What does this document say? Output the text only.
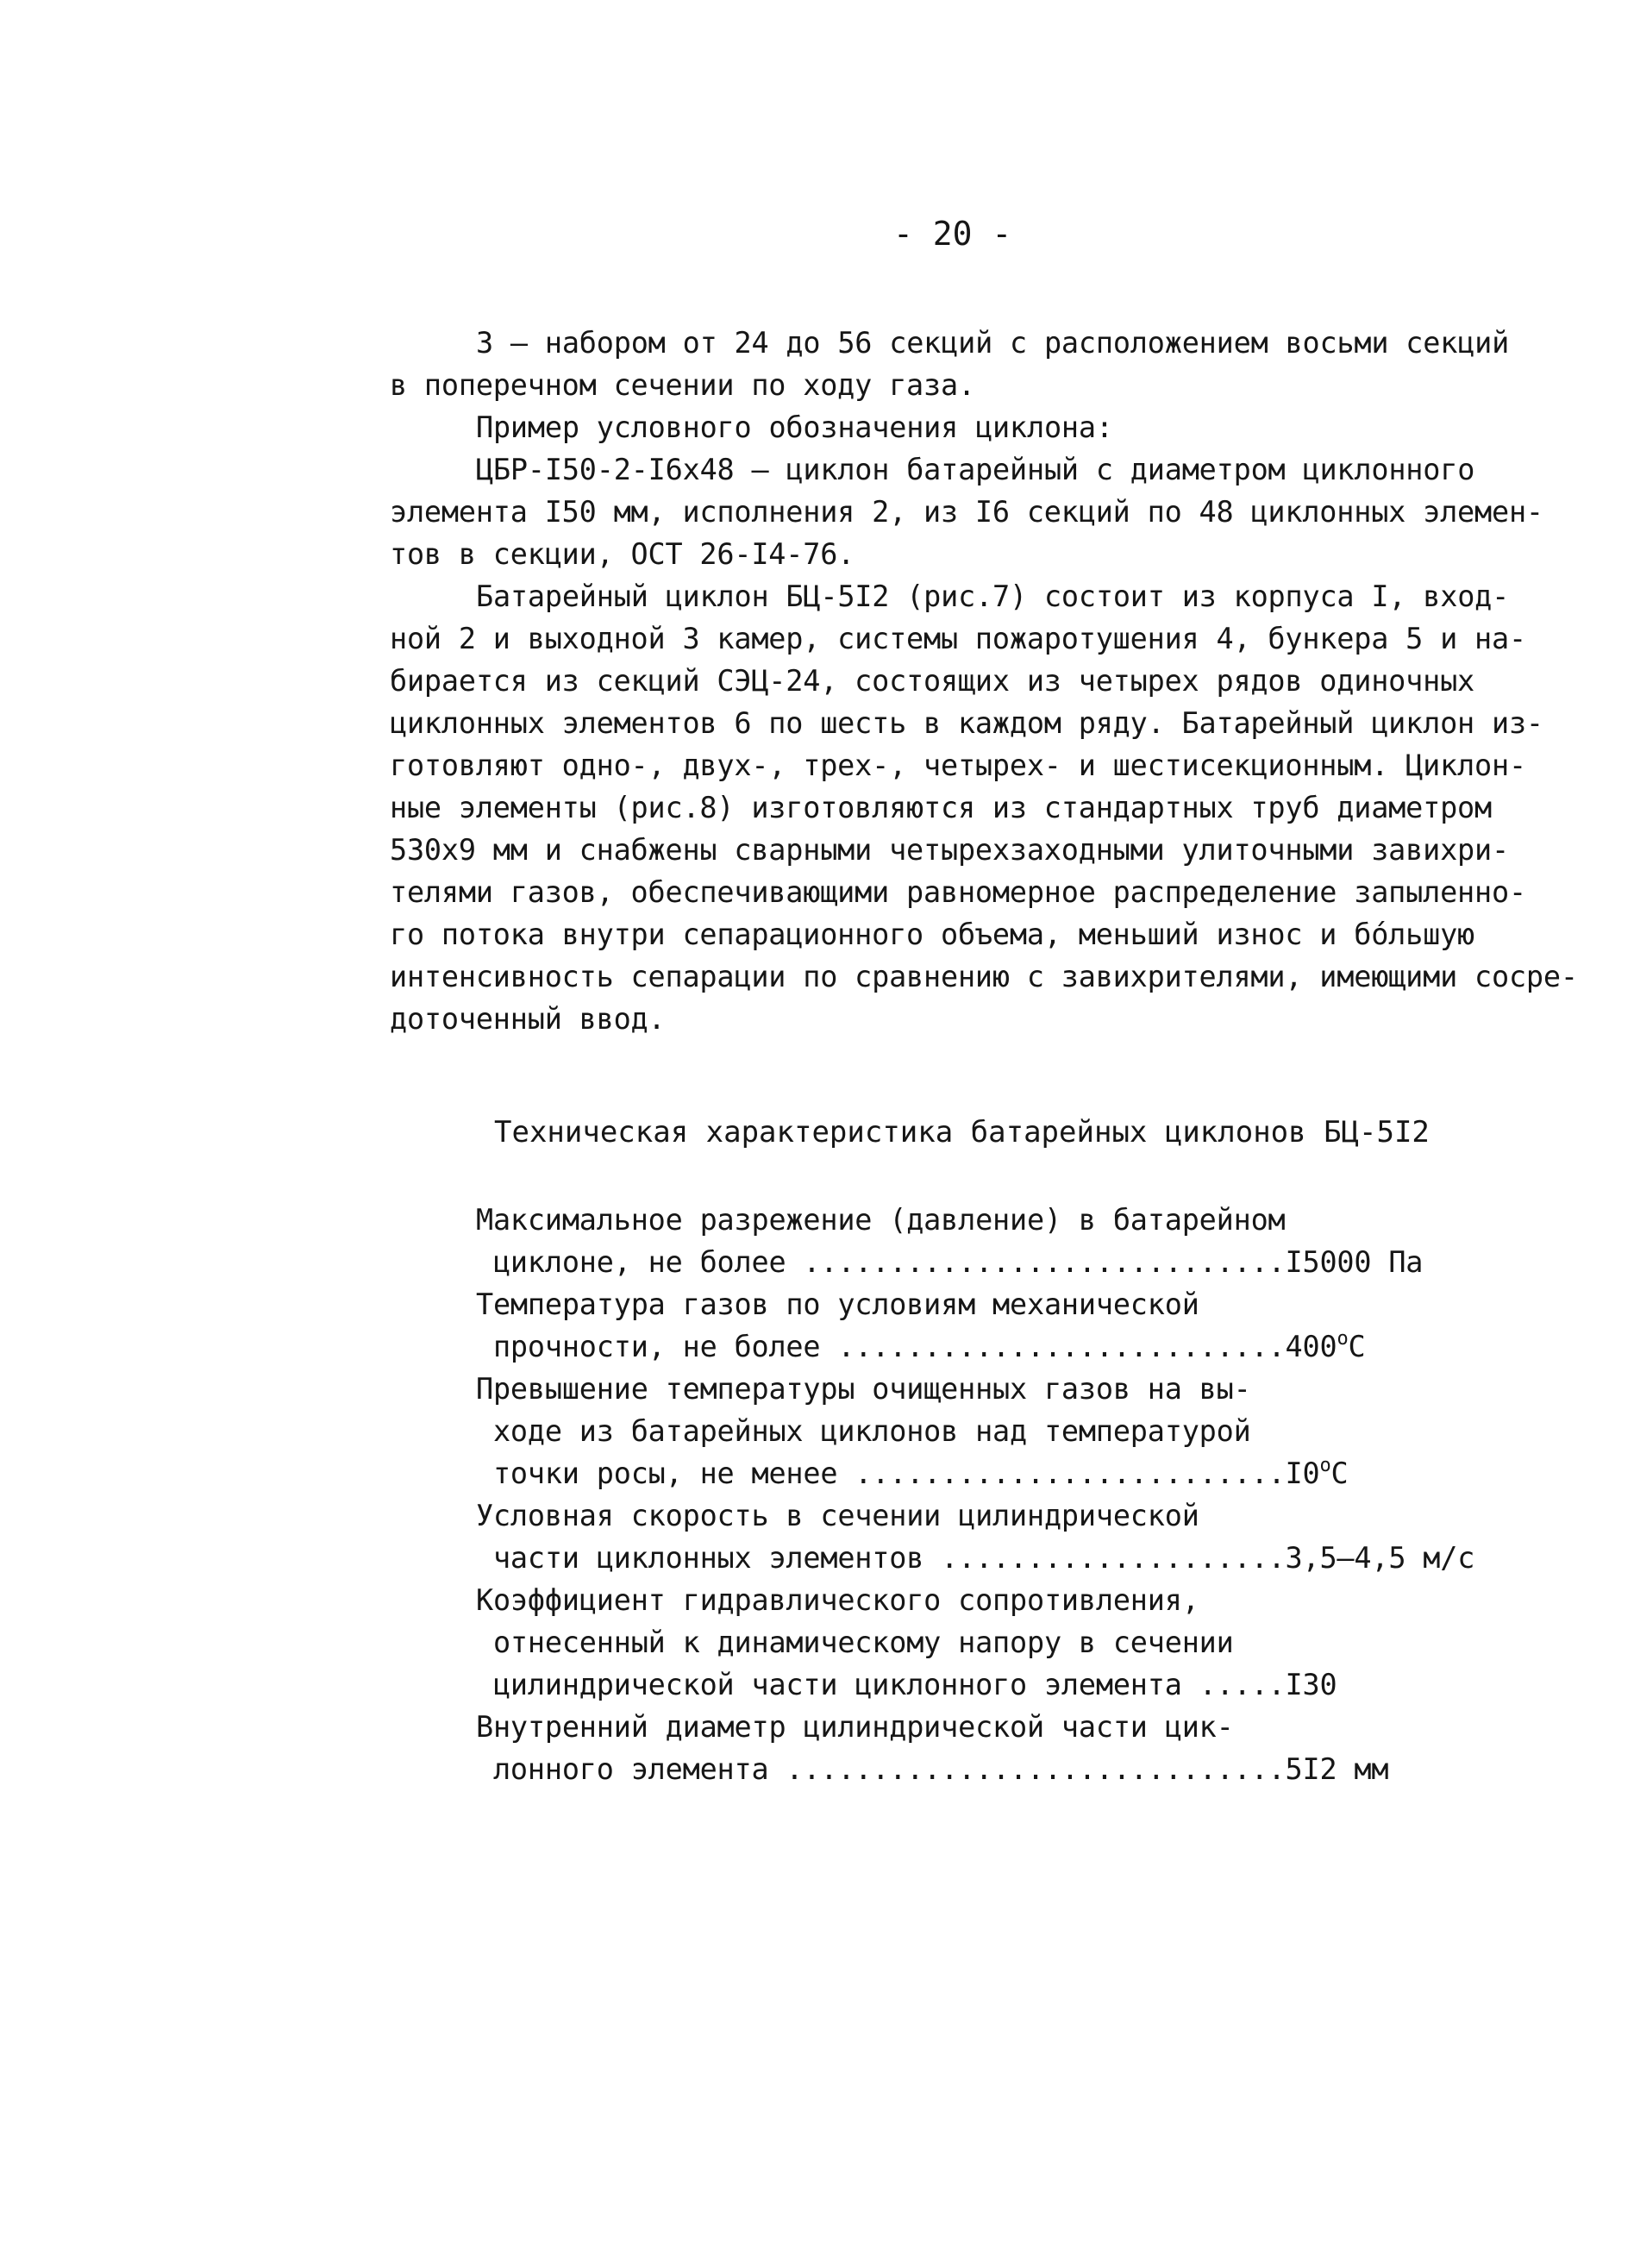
- 20 -
3 – набором от 24 до 56 секций с расположением восьми секций
в поперечном сечении по ходу газа.
Пример условного обозначения циклона:
ЦБР-I50-2-I6х48 – циклон батарейный с диаметром циклонного
элемента I50 мм, исполнения 2, из I6 секций по 48 циклонных элемен-
тов в секции, ОСТ 26-I4-76.
Батарейный циклон БЦ-5I2 (рис.7) состоит из корпуса I, вход-
ной 2 и выходной 3 камер, системы пожаротушения 4, бункера 5 и на-
бирается из секций СЭЦ-24, состоящих из четырех рядов одиночных
циклонных элементов 6 по шесть в каждом ряду. Батарейный циклон из-
готовляют одно-, двух-, трех-, четырех- и шестисекционным. Циклон-
ные элементы (рис.8) изготовляются из стандартных труб диаметром
530х9 мм и снабжены сварными четырехзаходными улиточными завихри-
телями газов, обеспечивающими равномерное распределение запыленно-
го потока внутри сепарационного объема, меньший износ и бóльшую
интенсивность сепарации по сравнению с завихрителями, имеющими сосре-
доточенный ввод.
Техническая характеристика батарейных циклонов БЦ-5I2
Максимальное разрежение (давление) в батарейном
циклоне, не более ............................I5000 Па
Температура газов по условиям механической
прочности, не более $..........................400^оС$
Превышение температуры очищенных газов на вы-
ходе из батарейных циклонов над температурой
точки росы, не менее $.........................I0^оС$
Условная скорость в сечении цилиндрической
части циклонных элементов ....................3,5–4,5 м/с
Коэффициент гидравлического сопротивления,
отнесенный к динамическому напору в сечении
цилиндрической части циклонного элемента .....I30
Внутренний диаметр цилиндрической части цик-
лонного элемента .............................5I2 мм
